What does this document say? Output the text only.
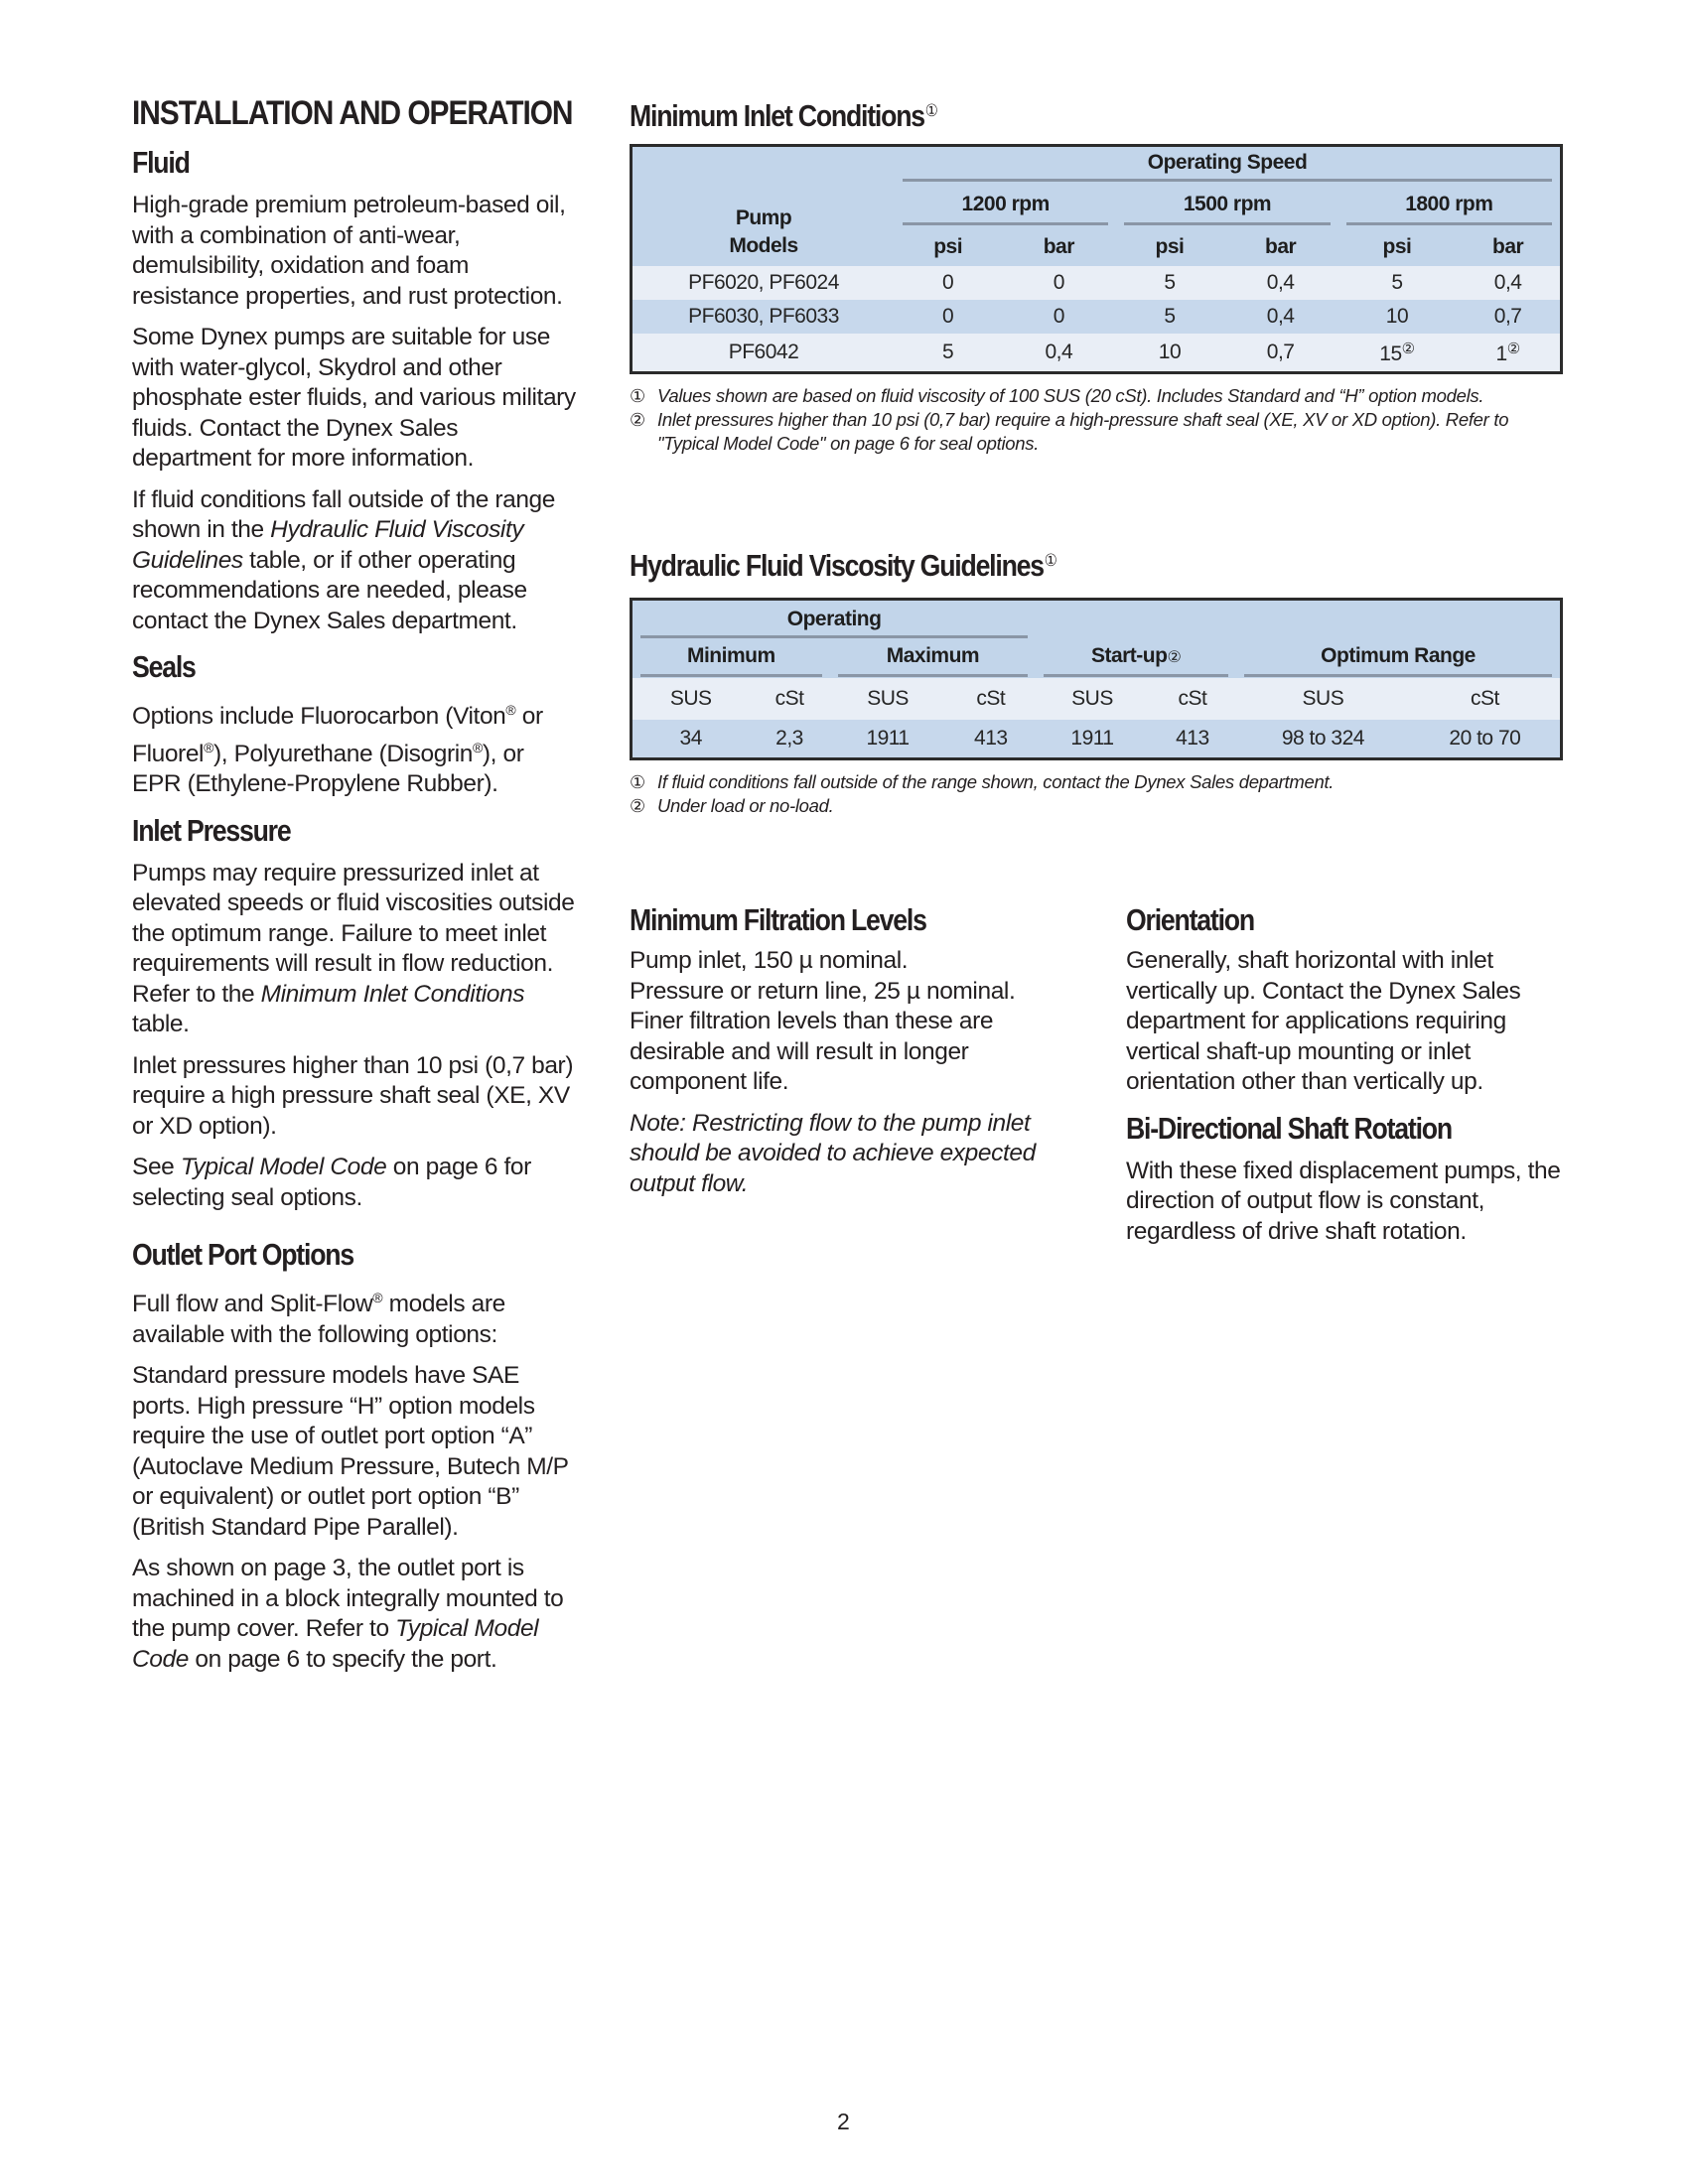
INSTALLATION AND OPERATION
Fluid

High-grade premium petroleum-based oil, with a combination of anti-wear, demulsibility, oxidation and foam resistance properties, and rust protection.

Some Dynex pumps are suitable for use with water-glycol, Skydrol and other phosphate ester fluids, and various military fluids. Contact the Dynex Sales department for more information.

If fluid conditions fall outside of the range shown in the Hydraulic Fluid Viscosity Guidelines table, or if other operating recommendations are needed, please contact the Dynex Sales department.

Seals

Options include Fluorocarbon (Viton® or Fluorel®), Polyurethane (Disogrin®), or EPR (Ethylene-Propylene Rubber).

Inlet Pressure

Pumps may require pressurized inlet at elevated speeds or fluid viscosities outside the optimum range. Failure to meet inlet requirements will result in flow reduction. Refer to the Minimum Inlet Conditions table.

Inlet pressures higher than 10 psi (0,7 bar) require a high pressure shaft seal (XE, XV or XD option).

See Typical Model Code on page 6 for selecting seal options.

Outlet Port Options

Full flow and Split-Flow® models are available with the following options:

Standard pressure models have SAE ports. High pressure “H” option models require the use of outlet port option “A” (Autoclave Medium Pressure, Butech M/P or equivalent) or outlet port option “B” (British Standard Pipe Parallel).

As shown on page 3, the outlet port is machined in a block integrally mounted to the pump cover. Refer to Typical Model Code on page 6 to specify the port.

Minimum Inlet Conditions①
Pump
Models	Operating Speed					

	1200 rpm		1500 rpm		1800 rpm	

	psi	bar	psi	bar	psi	bar
PF6020, PF6024	0	0	5	0,4	5	0,4
PF6030, PF6033	0	0	5	0,4	10	0,7
PF6042	5	0,4	10	0,7	15②	1②
① Values shown are based on fluid viscosity of 100 SUS (20 cSt). Includes Standard and “H” option models.
② Inlet pressures higher than 10 psi (0,7 bar) require a high-pressure shaft seal (XE, XV or XD option). Refer to "Typical Model Code" on page 6 for seal options.
Hydraulic Fluid Viscosity Guidelines①
Operating							

Minimum		Maximum		Start-up②		Optimum Range	

SUS	cSt	SUS	cSt	SUS	cSt	SUS	cSt
34	2,3	1911	413	1911	413	98 to 324	20 to 70
① If fluid conditions fall outside of the range shown, contact the Dynex Sales department.
② Under load or no-load.
Minimum Filtration Levels

Pump inlet, 150 µ nominal.
Pressure or return line, 25 µ nominal.
Finer filtration levels than these are desirable and will result in longer component life.

Note: Restricting flow to the pump inlet should be avoided to achieve expected output flow.

Orientation

Generally, shaft horizontal with inlet vertically up. Contact the Dynex Sales department for applications requiring vertical shaft-up mounting or inlet orientation other than vertically up.

Bi-Directional Shaft Rotation

With these fixed displacement pumps, the direction of output flow is constant, regardless of drive shaft rotation.

2
